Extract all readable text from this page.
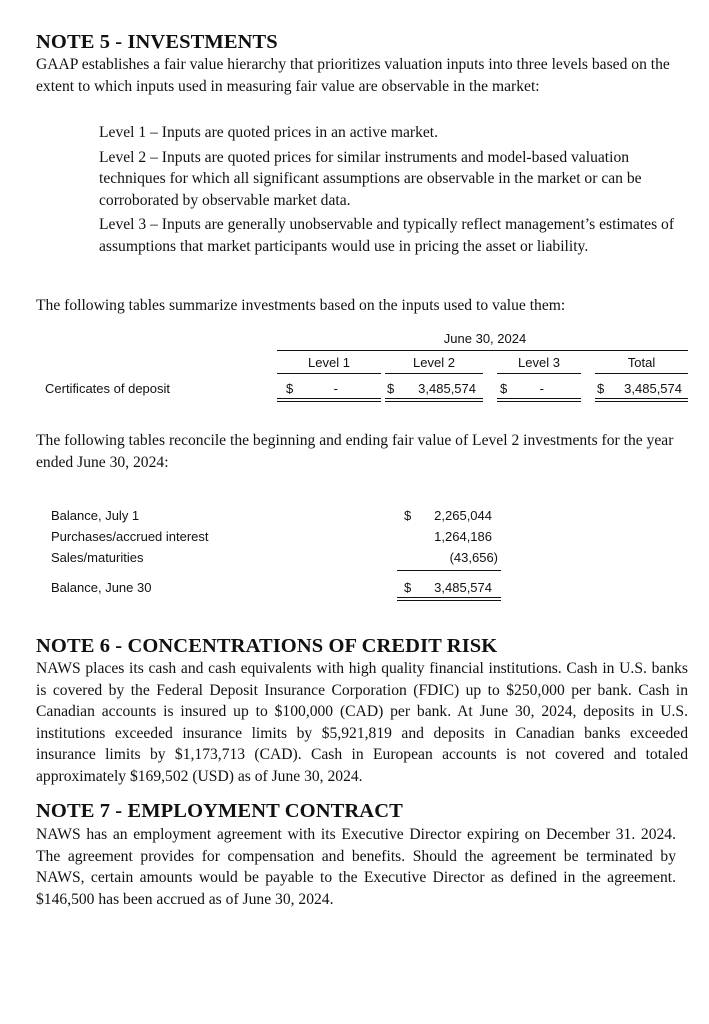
NOTE 5 - INVESTMENTS
GAAP establishes a fair value hierarchy that prioritizes valuation inputs into three levels based on the extent to which inputs used in measuring fair value are observable in the market:

Level 1 – Inputs are quoted prices in an active market.

Level 2 – Inputs are quoted prices for similar instruments and model-based valuation techniques for which all significant assumptions are observable in the market or can be corroborated by observable market data.

Level 3 – Inputs are generally unobservable and typically reflect management’s estimates of assumptions that market participants would use in pricing the asset or liability.

The following tables summarize investments based on the inputs used to value them:
June 30, 2024
Level 1	Level 2	Level 3	Total
Certificates of deposit	$	-	$	3,485,574 $	-	$	3,485,574
The following tables reconcile the beginning and ending fair value of Level 2 investments for the year ended June 30, 2024:
Balance, July 1	$	2,265,044
Purchases/accrued interest	1,264,186
Sales/maturities	(43,656)
Balance, June 30	$	3,485,574
NOTE 6 - CONCENTRATIONS OF CREDIT RISK
NAWS places its cash and cash equivalents with high quality financial institutions. Cash in U.S. banks is covered by the Federal Deposit Insurance Corporation (FDIC) up to $250,000 per bank. Cash in Canadian accounts is insured up to $100,000 (CAD) per bank. At June 30, 2024, deposits in U.S. institutions exceeded insurance limits by $5,921,819 and deposits in Canadian banks exceeded insurance limits by $1,173,713 (CAD). Cash in European accounts is not covered and totaled approximately $169,502 (USD) as of June 30, 2024.
NOTE 7 - EMPLOYMENT CONTRACT
NAWS has an employment agreement with its Executive Director expiring on December 31. 2024. The agreement provides for compensation and benefits. Should the agreement be terminated by NAWS, certain amounts would be payable to the Executive Director as defined in the agreement. $146,500 has been accrued as of June 30, 2024.
